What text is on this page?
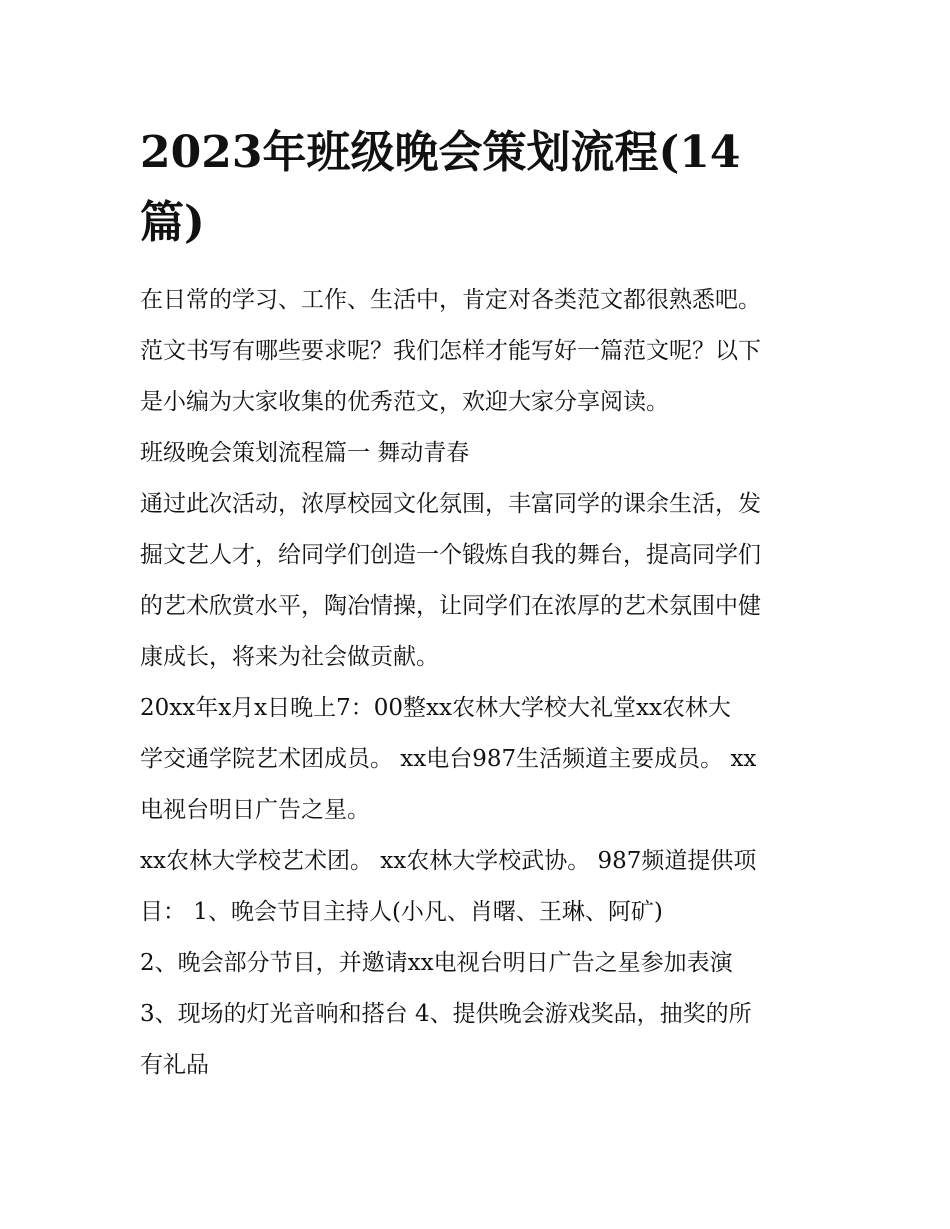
2023年班级晚会策划流程(14
篇)

在日常的学习、工作、生活中，肯定对各类范文都很熟悉吧。

范文书写有哪些要求呢？我们怎样才能写好一篇范文呢？以下

是小编为大家收集的优秀范文，欢迎大家分享阅读。

班级晚会策划流程篇一 舞动青春

通过此次活动，浓厚校园文化氛围，丰富同学的课余生活，发

掘文艺人才，给同学们创造一个锻炼自我的舞台，提高同学们

的艺术欣赏水平，陶冶情操，让同学们在浓厚的艺术氛围中健

康成长，将来为社会做贡献。

20xx年x月x日晚上7：00整xx农林大学校大礼堂xx农林大

学交通学院艺术团成员。 xx电台987生活频道主要成员。 xx

电视台明日广告之星。

xx农林大学校艺术团。 xx农林大学校武协。 987频道提供项

目： 1、晚会节目主持人(小凡、肖曙、王琳、阿矿)

2、晚会部分节目，并邀请xx电视台明日广告之星参加表演

3、现场的灯光音响和搭台 4、提供晚会游戏奖品，抽奖的所

有礼品
